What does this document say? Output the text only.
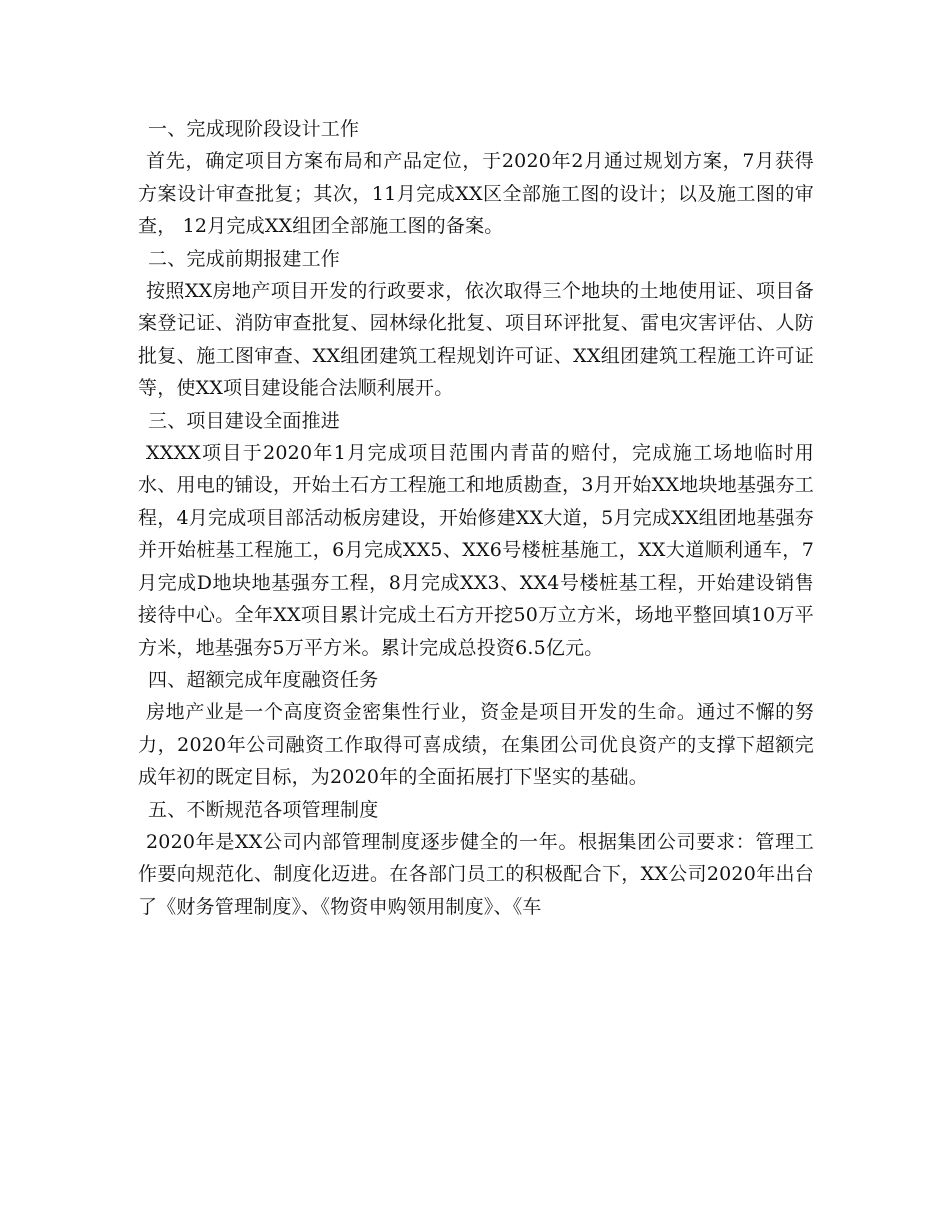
一、完成现阶段设计工作

首先，确定项目方案布局和产品定位，于2020年2月通过规划方案，7月获得方案设计审查批复；其次，11月完成XX区全部施工图的设计；以及施工图的审查， 12月完成XX组团全部施工图的备案。

二、完成前期报建工作

按照XX房地产项目开发的行政要求，依次取得三个地块的土地使用证、项目备案登记证、消防审查批复、园林绿化批复、项目环评批复、雷电灾害评估、人防批复、施工图审查、XX组团建筑工程规划许可证、XX组团建筑工程施工许可证等，使XX项目建设能合法顺利展开。

三、项目建设全面推进

XXXX项目于2020年1月完成项目范围内青苗的赔付，完成施工场地临时用水、用电的铺设，开始土石方工程施工和地质勘查，3月开始XX地块地基强夯工程，4月完成项目部活动板房建设，开始修建XX大道，5月完成XX组团地基强夯并开始桩基工程施工，6月完成XX5、XX6号楼桩基施工，XX大道顺利通车，7月完成D地块地基强夯工程，8月完成XX3、XX4号楼桩基工程，开始建设销售接待中心。全年XX项目累计完成土石方开挖50万立方米，场地平整回填10万平方米，地基强夯5万平方米。累计完成总投资6.5亿元。

四、超额完成年度融资任务

房地产业是一个高度资金密集性行业，资金是项目开发的生命。通过不懈的努力，2020年公司融资工作取得可喜成绩，在集团公司优良资产的支撑下超额完成年初的既定目标，为2020年的全面拓展打下坚实的基础。

五、不断规范各项管理制度

2020年是XX公司内部管理制度逐步健全的一年。根据集团公司要求：管理工作要向规范化、制度化迈进。在各部门员工的积极配合下，XX公司2020年出台了《财务管理制度》、《物资申购领用制度》、《车
